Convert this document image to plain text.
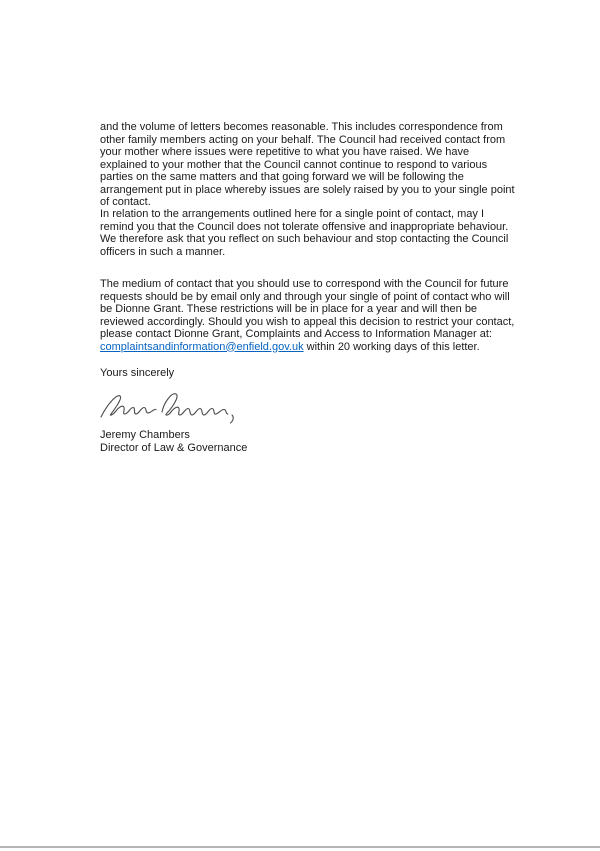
and the volume of letters becomes reasonable. This includes correspondence from other family members acting on your behalf. The Council had received contact from your mother where issues were repetitive to what you have raised. We have explained to your mother that the Council cannot continue to respond to various parties on the same matters and that going forward we will be following the arrangement put in place whereby issues are solely raised by you to your single point of contact.

In relation to the arrangements outlined here for a single point of contact, may I remind you that the Council does not tolerate offensive and inappropriate behaviour. We therefore ask that you reflect on such behaviour and stop contacting the Council officers in such a manner.

The medium of contact that you should use to correspond with the Council for future requests should be by email only and through your single of point of contact who will be Dionne Grant. These restrictions will be in place for a year and will then be reviewed accordingly. Should you wish to appeal this decision to restrict your contact, please contact Dionne Grant, Complaints and Access to Information Manager at: complaintsandinformation@enfield.gov.uk within 20 working days of this letter.

Yours sincerely

Jeremy Chambers
Director of Law & Governance
